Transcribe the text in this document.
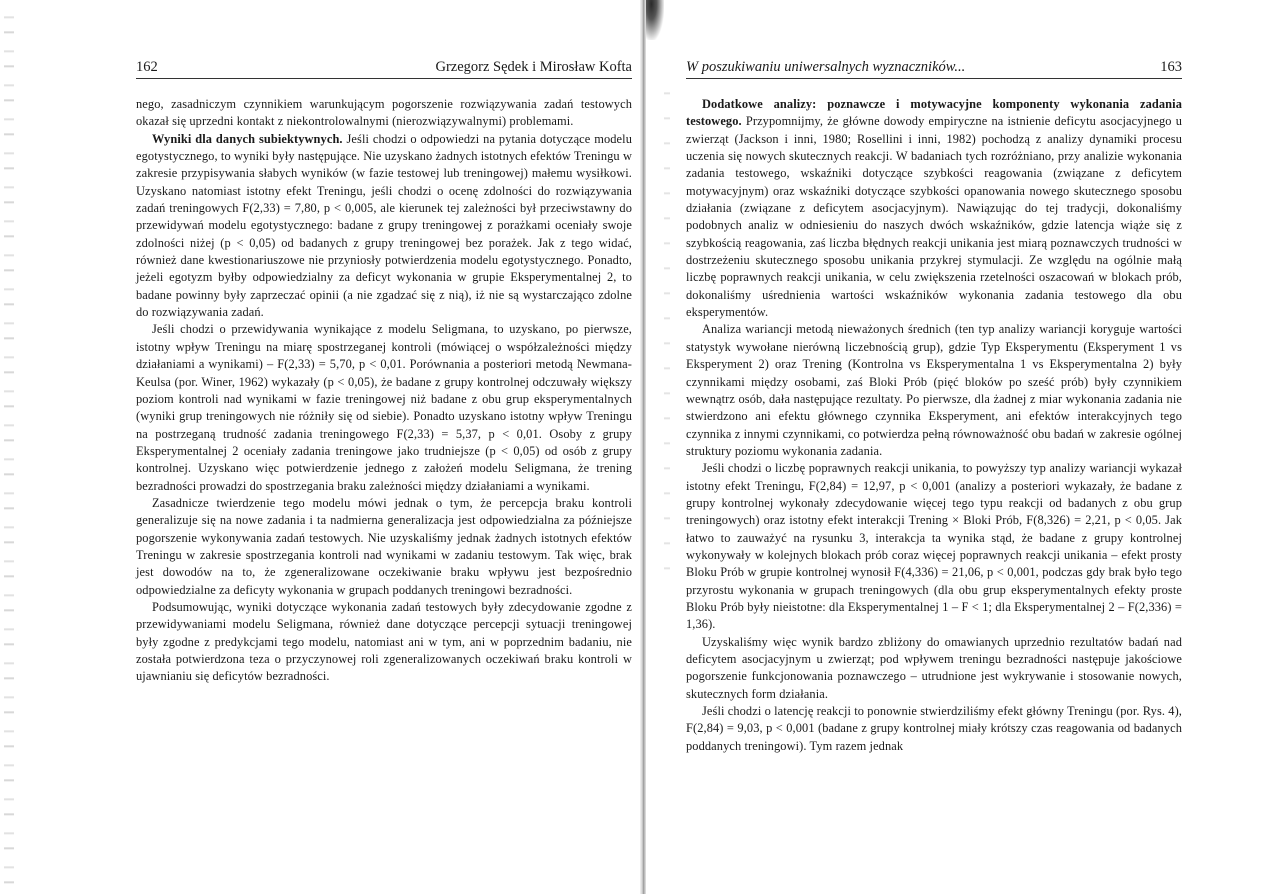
162	Grzegorz Sędek i Mirosław Kofta

nego, zasadniczym czynnikiem warunkującym pogorszenie rozwiązywania zadań testowych okazał się uprzedni kontakt z niekontrolowalnymi (nierozwiązywalnymi) problemami.

Wyniki dla danych subiektywnych. Jeśli chodzi o odpowiedzi na pytania dotyczące modelu egotystycznego, to wyniki były następujące. Nie uzyskano żadnych istotnych efektów Treningu w zakresie przypisywania słabych wyników (w fazie testowej lub treningowej) małemu wysiłkowi. Uzyskano natomiast istotny efekt Treningu, jeśli chodzi o ocenę zdolności do rozwiązywania zadań treningowych F(2,33) = 7,80, p < 0,005, ale kierunek tej zależności był przeciwstawny do przewidywań modelu egotystycznego: badane z grupy treningowej z porażkami oceniały swoje zdolności niżej (p < 0,05) od badanych z grupy treningowej bez porażek. Jak z tego widać, również dane kwestionariuszowe nie przyniosły potwierdzenia modelu egotystycznego. Ponadto, jeżeli egotyzm byłby odpowiedzialny za deficyt wykonania w grupie Eksperymentalnej 2, to badane powinny były zaprzeczać opinii (a nie zgadzać się z nią), iż nie są wystarczająco zdolne do rozwiązywania zadań.

Jeśli chodzi o przewidywania wynikające z modelu Seligmana, to uzyskano, po pierwsze, istotny wpływ Treningu na miarę spostrzeganej kontroli (mówiącej o współzależności między działaniami a wynikami) – F(2,33) = 5,70, p < 0,01. Porównania a posteriori metodą Newmana-Keulsa (por. Winer, 1962) wykazały (p < 0,05), że badane z grupy kontrolnej odczuwały większy poziom kontroli nad wynikami w fazie treningowej niż badane z obu grup eksperymentalnych (wyniki grup treningowych nie różniły się od siebie). Ponadto uzyskano istotny wpływ Treningu na postrzeganą trudność zadania treningowego F(2,33) = 5,37, p < 0,01. Osoby z grupy Eksperymentalnej 2 oceniały zadania treningowe jako trudniejsze (p < 0,05) od osób z grupy kontrolnej. Uzyskano więc potwierdzenie jednego z założeń modelu Seligmana, że trening bezradności prowadzi do spostrzegania braku zależności między działaniami a wynikami.

Zasadnicze twierdzenie tego modelu mówi jednak o tym, że percepcja braku kontroli generalizuje się na nowe zadania i ta nadmierna generalizacja jest odpowiedzialna za późniejsze pogorszenie wykonywania zadań testowych. Nie uzyskaliśmy jednak żadnych istotnych efektów Treningu w zakresie spostrzegania kontroli nad wynikami w zadaniu testowym. Tak więc, brak jest dowodów na to, że zgeneralizowane oczekiwanie braku wpływu jest bezpośrednio odpowiedzialne za deficyty wykonania w grupach poddanych treningowi bezradności.

Podsumowując, wyniki dotyczące wykonania zadań testowych były zdecydowanie zgodne z przewidywaniami modelu Seligmana, również dane dotyczące percepcji sytuacji treningowej były zgodne z predykcjami tego modelu, natomiast ani w tym, ani w poprzednim badaniu, nie została potwierdzona teza o przyczynowej roli zgeneralizowanych oczekiwań braku kontroli w ujawnianiu się deficytów bezradności.

W poszukiwaniu uniwersalnych wyznaczników...	163

Dodatkowe analizy: poznawcze i motywacyjne komponenty wykonania zadania testowego. Przypomnijmy, że główne dowody empiryczne na istnienie deficytu asocjacyjnego u zwierząt (Jackson i inni, 1980; Rosellini i inni, 1982) pochodzą z analizy dynamiki procesu uczenia się nowych skutecznych reakcji. W badaniach tych rozróżniano, przy analizie wykonania zadania testowego, wskaźniki dotyczące szybkości reagowania (związane z deficytem motywacyjnym) oraz wskaźniki dotyczące szybkości opanowania nowego skutecznego sposobu działania (związane z deficytem asocjacyjnym). Nawiązując do tej tradycji, dokonaliśmy podobnych analiz w odniesieniu do naszych dwóch wskaźników, gdzie latencja wiąże się z szybkością reagowania, zaś liczba błędnych reakcji unikania jest miarą poznawczych trudności w dostrzeżeniu skutecznego sposobu unikania przykrej stymulacji. Ze względu na ogólnie małą liczbę poprawnych reakcji unikania, w celu zwiększenia rzetelności oszacowań w blokach prób, dokonaliśmy uśrednienia wartości wskaźników wykonania zadania testowego dla obu eksperymentów.

Analiza wariancji metodą nieważonych średnich (ten typ analizy wariancji koryguje wartości statystyk wywołane nierówną liczebnością grup), gdzie Typ Eksperymentu (Eksperyment 1 vs Eksperyment 2) oraz Trening (Kontrolna vs Eksperymentalna 1 vs Eksperymentalna 2) były czynnikami między osobami, zaś Bloki Prób (pięć bloków po sześć prób) były czynnikiem wewnątrz osób, dała następujące rezultaty. Po pierwsze, dla żadnej z miar wykonania zadania nie stwierdzono ani efektu głównego czynnika Eksperyment, ani efektów interakcyjnych tego czynnika z innymi czynnikami, co potwierdza pełną równoważność obu badań w zakresie ogólnej struktury poziomu wykonania zadania.

Jeśli chodzi o liczbę poprawnych reakcji unikania, to powyższy typ analizy wariancji wykazał istotny efekt Treningu, F(2,84) = 12,97, p < 0,001 (analizy a posteriori wykazały, że badane z grupy kontrolnej wykonały zdecydowanie więcej tego typu reakcji od badanych z obu grup treningowych) oraz istotny efekt interakcji Trening × Bloki Prób, F(8,326) = 2,21, p < 0,05. Jak łatwo to zauważyć na rysunku 3, interakcja ta wynika stąd, że badane z grupy kontrolnej wykonywały w kolejnych blokach prób coraz więcej poprawnych reakcji unikania – efekt prosty Bloku Prób w grupie kontrolnej wynosił F(4,336) = 21,06, p < 0,001, podczas gdy brak było tego przyrostu wykonania w grupach treningowych (dla obu grup eksperymentalnych efekty proste Bloku Prób były nieistotne: dla Eksperymentalnej 1 – F < 1; dla Eksperymentalnej 2 – F(2,336) = 1,36).

Uzyskaliśmy więc wynik bardzo zbliżony do omawianych uprzednio rezultatów badań nad deficytem asocjacyjnym u zwierząt; pod wpływem treningu bezradności następuje jakościowe pogorszenie funkcjonowania poznawczego – utrudnione jest wykrywanie i stosowanie nowych, skutecznych form działania.

Jeśli chodzi o latencję reakcji to ponownie stwierdziliśmy efekt główny Treningu (por. Rys. 4), F(2,84) = 9,03, p < 0,001 (badane z grupy kontrolnej miały krótszy czas reagowania od badanych poddanych treningowi). Tym razem jednak
